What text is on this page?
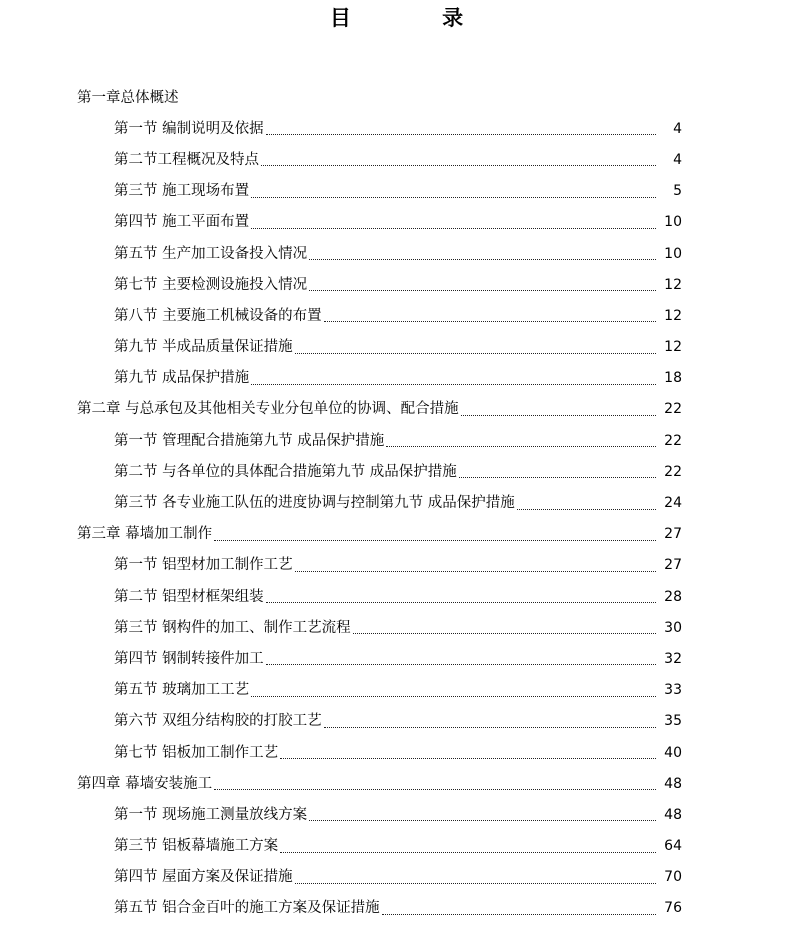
目 录
第一章总体概述
第一节 编制说明及依据	4
第二节工程概况及特点	4
第三节 施工现场布置	5
第四节 施工平面布置	10
第五节 生产加工设备投入情况	10
第七节 主要检测设施投入情况	12
第八节 主要施工机械设备的布置	12
第九节 半成品质量保证措施	12
第九节 成品保护措施	18
第二章 与总承包及其他相关专业分包单位的协调、配合措施	22
第一节 管理配合措施第九节 成品保护措施	22
第二节 与各单位的具体配合措施第九节 成品保护措施	22
第三节 各专业施工队伍的进度协调与控制第九节 成品保护措施	24
第三章 幕墙加工制作	27
第一节 铝型材加工制作工艺	27
第二节 铝型材框架组装	28
第三节 钢构件的加工、制作工艺流程	30
第四节 钢制转接件加工	32
第五节 玻璃加工工艺	33
第六节 双组分结构胶的打胶工艺	35
第七节 铝板加工制作工艺	40
第四章 幕墙安装施工	48
第一节 现场施工测量放线方案	48
第三节 铝板幕墙施工方案	64
第四节 屋面方案及保证措施	70
第五节 铝合金百叶的施工方案及保证措施	76
